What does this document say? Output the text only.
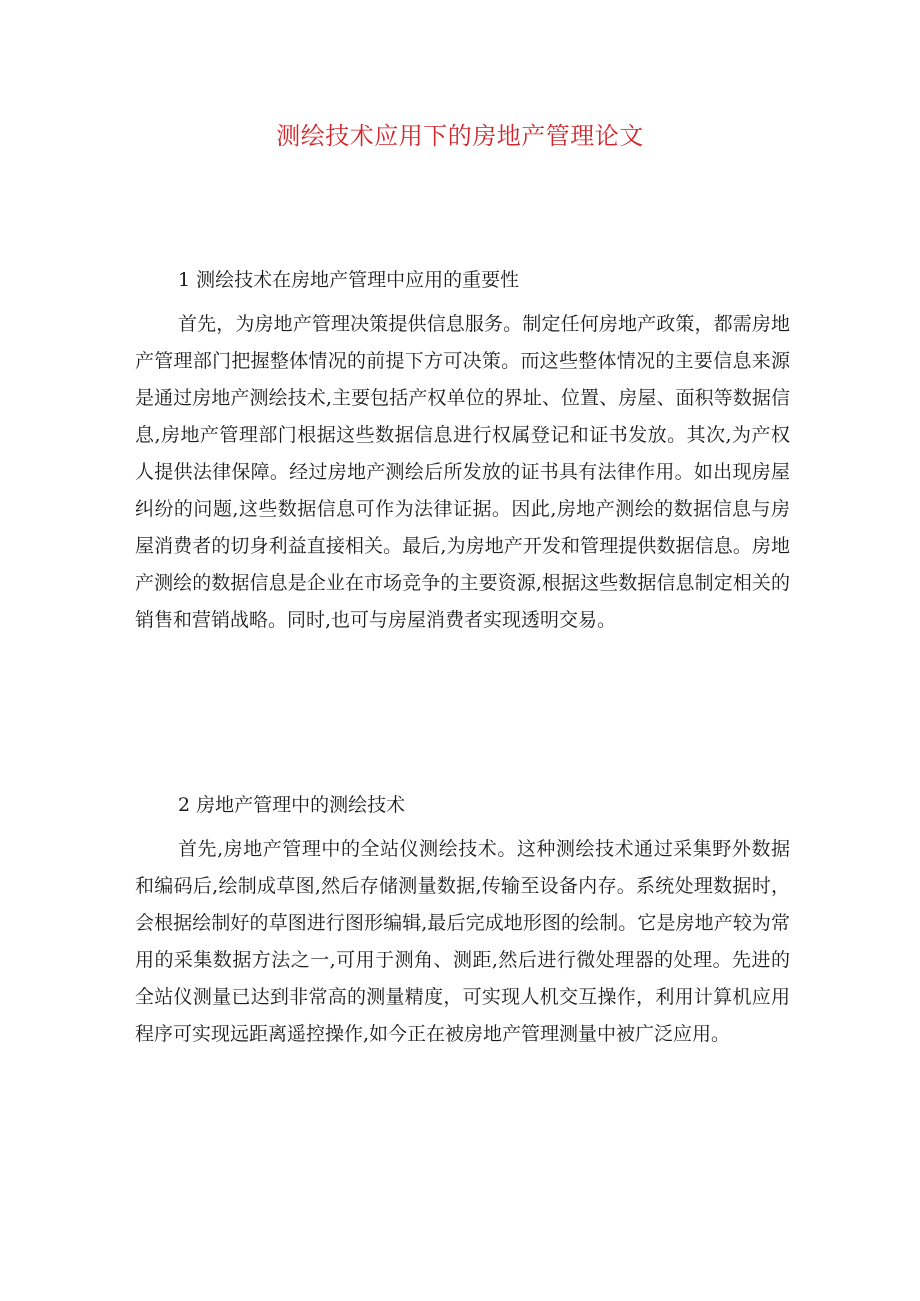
测绘技术应用下的房地产管理论文
1 测绘技术在房地产管理中应用的重要性

首先，为房地产管理决策提供信息服务。制定任何房地产政策，都需房地产管理部门把握整体情况的前提下方可决策。而这些整体情况的主要信息来源是通过房地产测绘技术,主要包括产权单位的界址、位置、房屋、面积等数据信息,房地产管理部门根据这些数据信息进行权属登记和证书发放。其次,为产权人提供法律保障。经过房地产测绘后所发放的证书具有法律作用。如出现房屋纠纷的问题,这些数据信息可作为法律证据。因此,房地产测绘的数据信息与房屋消费者的切身利益直接相关。最后,为房地产开发和管理提供数据信息。房地产测绘的数据信息是企业在市场竞争的主要资源,根据这些数据信息制定相关的销售和营销战略。同时,也可与房屋消费者实现透明交易。

2 房地产管理中的测绘技术

首先,房地产管理中的全站仪测绘技术。这种测绘技术通过采集野外数据和编码后,绘制成草图,然后存储测量数据,传输至设备内存。系统处理数据时，会根据绘制好的草图进行图形编辑,最后完成地形图的绘制。它是房地产较为常用的采集数据方法之一,可用于测角、测距,然后进行微处理器的处理。先进的全站仪测量已达到非常高的测量精度，可实现人机交互操作，利用计算机应用程序可实现远距离遥控操作,如今正在被房地产管理测量中被广泛应用。
